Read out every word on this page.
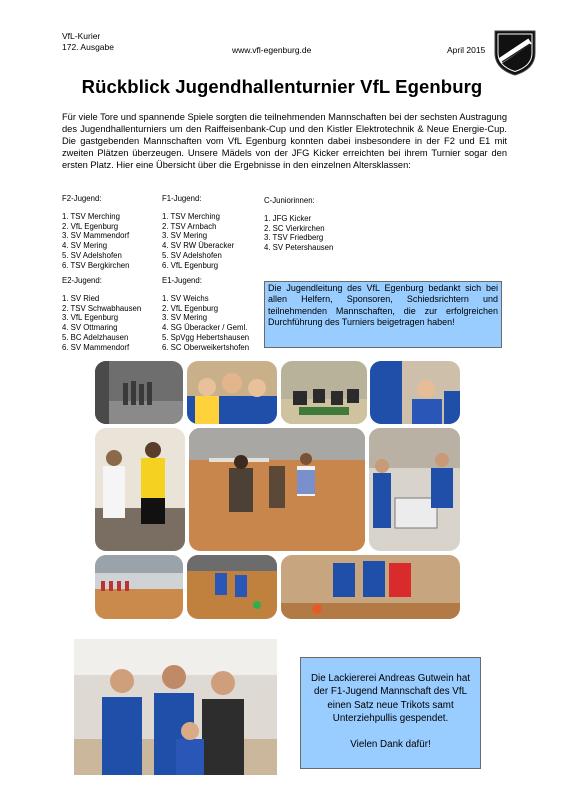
VfL-Kurier
172. Ausgabe	www.vfl-egenburg.de	April 2015
Rückblick Jugendhallenturnier VfL Egenburg

Für viele Tore und spannende Spiele sorgten die teilnehmenden Mannschaften bei der sechsten Austragung des Jugendhallenturniers um den Raiffeisenbank-Cup und den Kistler Elektrotechnik & Neue Energie-Cup. Die gastgebenden Mannschaften vom VfL Egenburg konnten dabei insbesondere in der F2 und E1 mit zweiten Plätzen überzeugen. Unsere Mädels von der JFG Kicker erreichten bei ihrem Turnier sogar den ersten Platz. Hier eine Übersicht über die Ergebnisse in den einzelnen Altersklassen:

F2-Jugend:
1. TSV Merching
2. VfL Egenburg
3. SV Mammendorf
4. SV Mering
5. SV Adelshofen
6. TSV Bergkirchen
F1-Jugend:
1. TSV Merching
2. TSV Arnbach
3. SV Mering
4. SV RW Überacker
5. SV Adelshofen
6. VfL Egenburg
C-Juniorinnen:
1. JFG Kicker
2. SC Vierkirchen
3. TSV Friedberg
4. SV Petershausen
E2-Jugend:
1. SV Ried
2. TSV Schwabhausen
3. VfL Egenburg
4. SV Ottmaring
5. BC Adelzhausen
6. SV Mammendorf
E1-Jugend:
1. SV Weichs
2. VfL Egenburg
3. SV Mering
4. SG Überacker / Geml.
5. SpVgg Hebertshausen
6. SC Oberweikertshofen
Die Jugendleitung des VfL Egenburg bedankt sich bei allen Helfern, Sponsoren, Schiedsrichtern und teilnehmenden Mannschaften, die zur erfolgreichen Durchführung des Turniers beigetragen haben!
Die Lackiererei Andreas Gutwein hat der F1-Jugend Mannschaft des VfL einen Satz neue Trikots samt Unterziehpullis gespendet.
Vielen Dank dafür!
